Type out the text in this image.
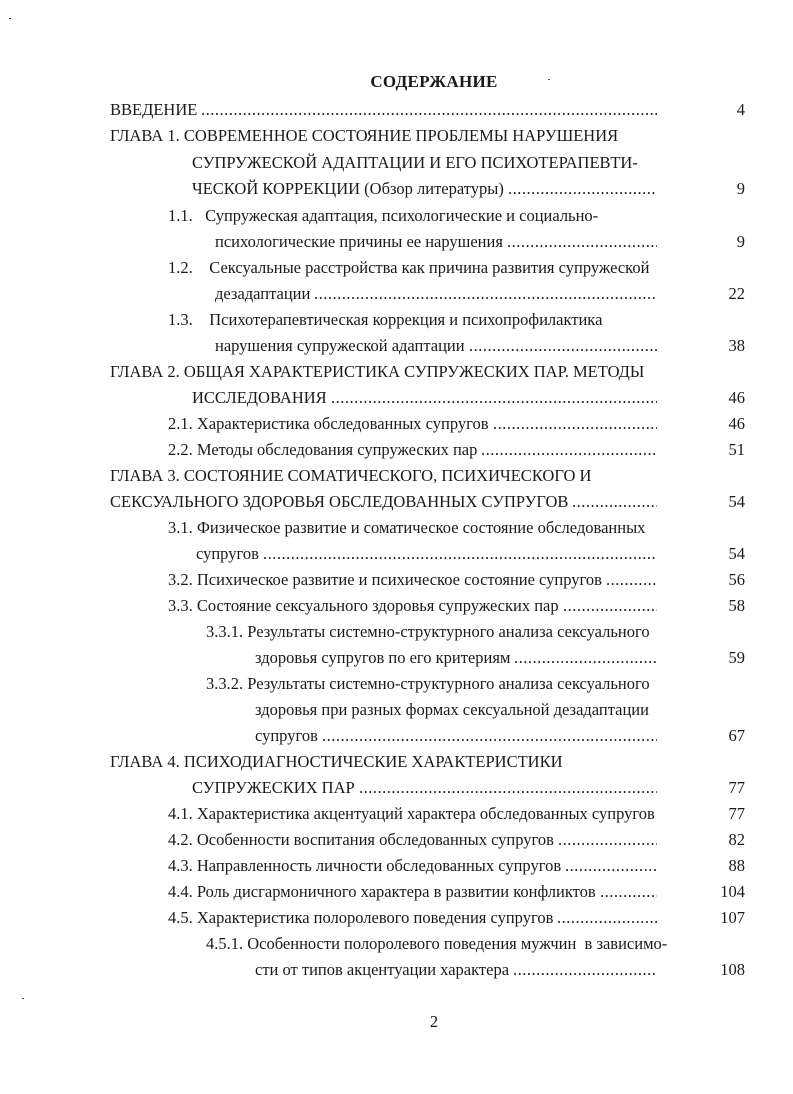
СОДЕРЖАНИЕ
ВВЕДЕНИЕ .....	4
ГЛАВА 1. СОВРЕМЕННОЕ СОСТОЯНИЕ ПРОБЛЕМЫ НАРУШЕНИЯ
СУПРУЖЕСКОЙ АДАПТАЦИИ И ЕГО ПСИХОТЕРАПЕВТИ-
ЧЕСКОЙ КОРРЕКЦИИ (Обзор литературы) .....	9
1.1.   Супружеская адаптация, психологические и социально-
психологические причины ее нарушения .....	9
1.2.    Сексуальные расстройства как причина развития супружеской
дезадаптации .....	22
1.3.    Психотерапевтическая коррекция и психопрофилактика
нарушения супружеской адаптации .....	38
ГЛАВА 2. ОБЩАЯ ХАРАКТЕРИСТИКА СУПРУЖЕСКИХ ПАР. МЕТОДЫ
ИССЛЕДОВАНИЯ .....	46
2.1. Характеристика обследованных супругов .....	46
2.2. Методы обследования супружеских пар .....	51
ГЛАВА 3. СОСТОЯНИЕ СОМАТИЧЕСКОГО, ПСИХИЧЕСКОГО И
СЕКСУАЛЬНОГО ЗДОРОВЬЯ ОБСЛЕДОВАННЫХ СУПРУГОВ .....	54
3.1. Физическое развитие и соматическое состояние обследованных
супругов .....	54
3.2. Психическое развитие и психическое состояние супругов .....	56
3.3. Состояние сексуального здоровья супружеских пар .....	58
3.3.1. Результаты системно-структурного анализа сексуального
здоровья супругов по его критериям .....	59
3.3.2. Результаты системно-структурного анализа сексуального
здоровья при разных формах сексуальной дезадаптации
супругов .....	67
ГЛАВА 4. ПСИХОДИАГНОСТИЧЕСКИЕ ХАРАКТЕРИСТИКИ
СУПРУЖЕСКИХ ПАР .....	77
4.1. Характеристика акцентуаций характера обследованных супругов	77
4.2. Особенности воспитания обследованных супругов .....	82
4.3. Направленность личности обследованных супругов .....	88
4.4. Роль дисгармоничного характера в развитии конфликтов .....	104
4.5. Характеристика полоролевого поведения супругов .....	107
4.5.1. Особенности полоролевого поведения мужчин  в зависимо-
сти от типов акцентуации характера .....	108
2
